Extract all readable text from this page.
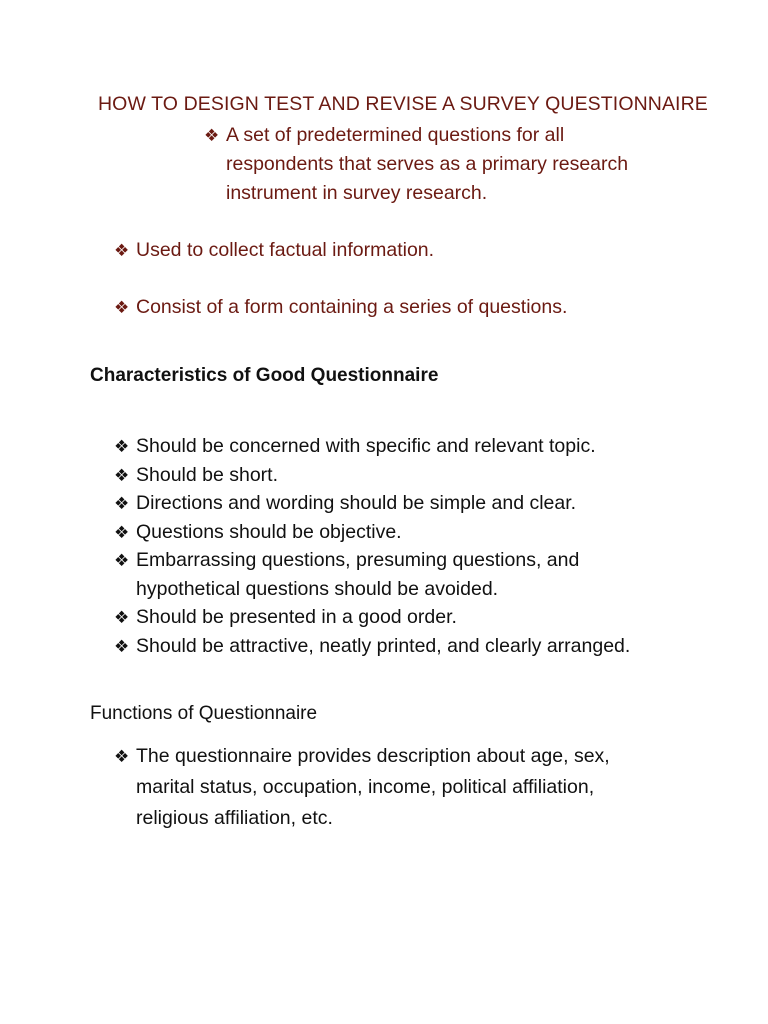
HOW TO DESIGN TEST AND REVISE A SURVEY QUESTIONNAIRE
❖ A set of predetermined questions for all
respondents that serves as a primary research
instrument in survey research.
❖ Used to collect factual information.
❖ Consist of a form containing a series of questions.
Characteristics of Good Questionnaire
❖ Should be concerned with specific and relevant topic.
❖ Should be short.
❖ Directions and wording should be simple and clear.
❖ Questions should be objective.
❖ Embarrassing questions, presuming questions, and
hypothetical questions should be avoided.
❖ Should be presented in a good order.
❖ Should be attractive, neatly printed, and clearly arranged.
Functions of Questionnaire
❖ The questionnaire provides description about age, sex,
marital status, occupation, income, political affiliation,
religious affiliation, etc.
